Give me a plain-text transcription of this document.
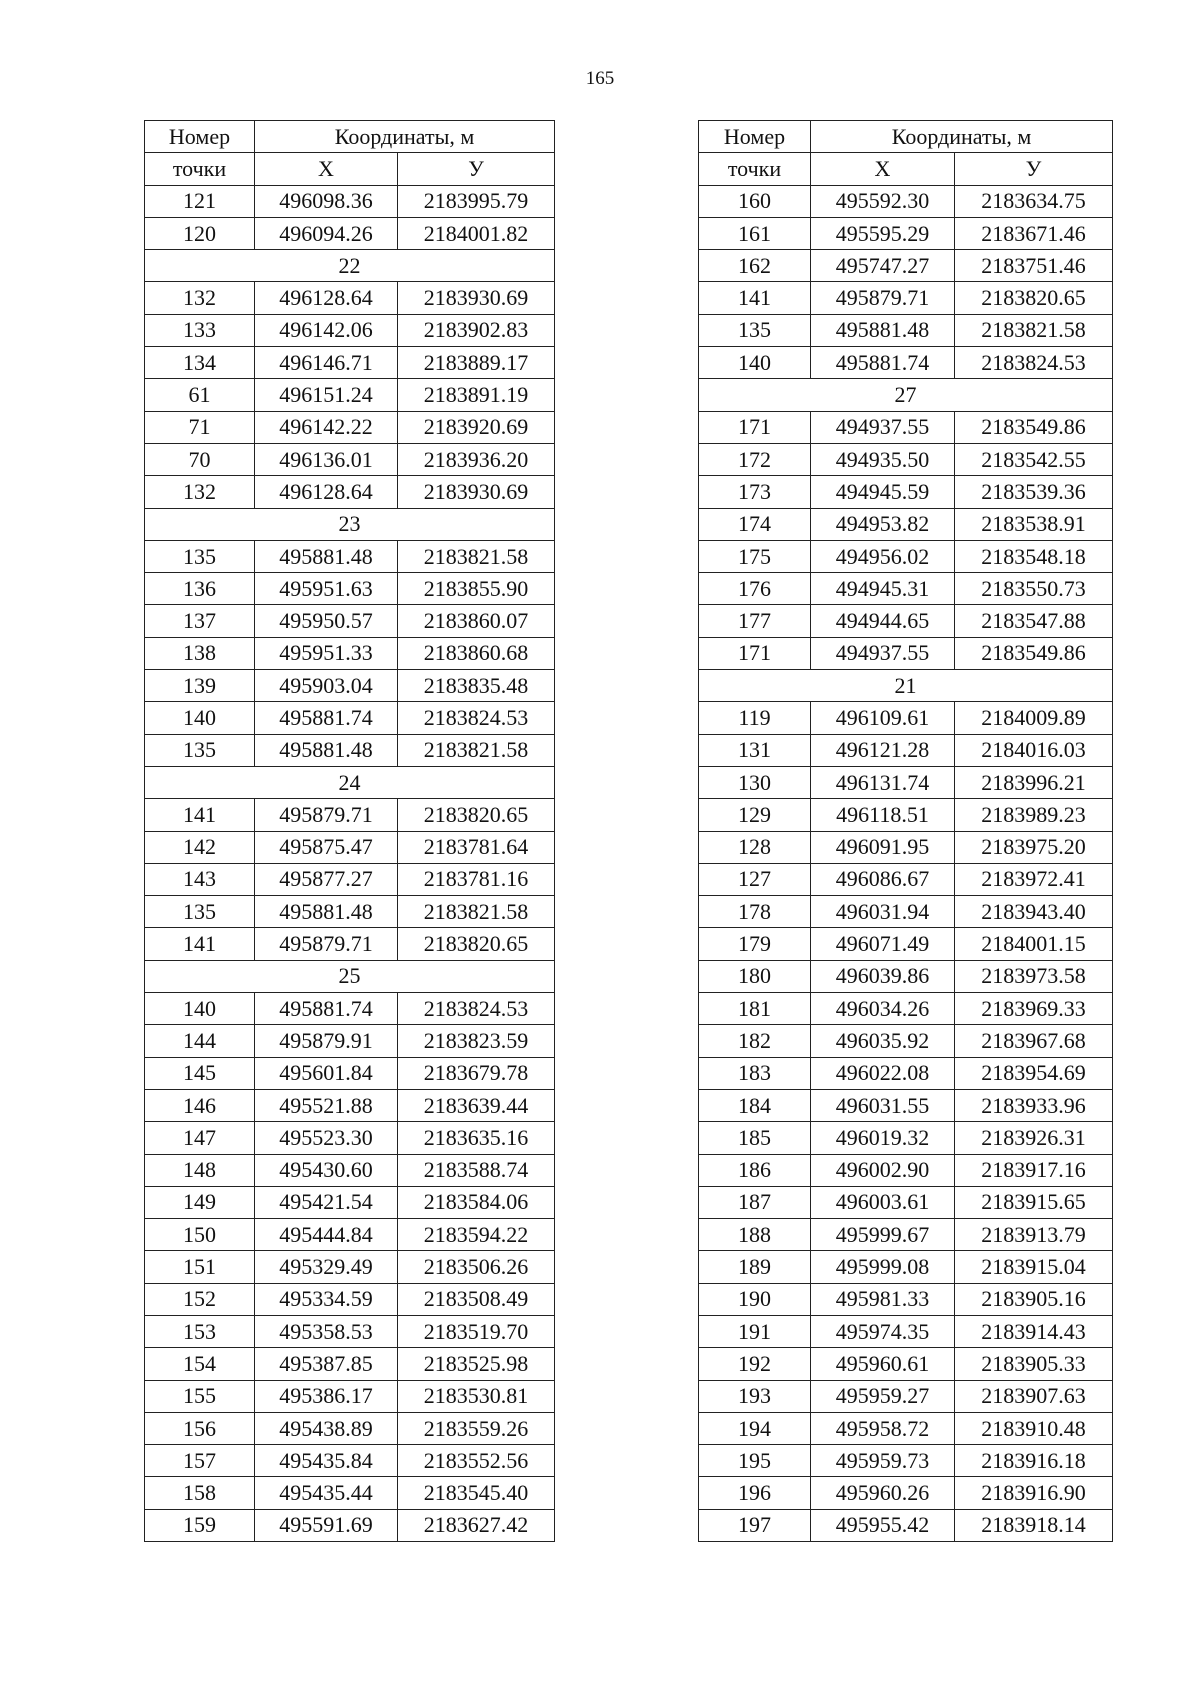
165
Номер	Координаты, м	
точки	X	У
121	496098.36	2183995.79
120	496094.26	2184001.82
22		
132	496128.64	2183930.69
133	496142.06	2183902.83
134	496146.71	2183889.17
61	496151.24	2183891.19
71	496142.22	2183920.69
70	496136.01	2183936.20
132	496128.64	2183930.69
23		
135	495881.48	2183821.58
136	495951.63	2183855.90
137	495950.57	2183860.07
138	495951.33	2183860.68
139	495903.04	2183835.48
140	495881.74	2183824.53
135	495881.48	2183821.58
24		
141	495879.71	2183820.65
142	495875.47	2183781.64
143	495877.27	2183781.16
135	495881.48	2183821.58
141	495879.71	2183820.65
25		
140	495881.74	2183824.53
144	495879.91	2183823.59
145	495601.84	2183679.78
146	495521.88	2183639.44
147	495523.30	2183635.16
148	495430.60	2183588.74
149	495421.54	2183584.06
150	495444.84	2183594.22
151	495329.49	2183506.26
152	495334.59	2183508.49
153	495358.53	2183519.70
154	495387.85	2183525.98
155	495386.17	2183530.81
156	495438.89	2183559.26
157	495435.84	2183552.56
158	495435.44	2183545.40
159	495591.69	2183627.42
Номер	Координаты, м	
точки	X	У
160	495592.30	2183634.75
161	495595.29	2183671.46
162	495747.27	2183751.46
141	495879.71	2183820.65
135	495881.48	2183821.58
140	495881.74	2183824.53
27		
171	494937.55	2183549.86
172	494935.50	2183542.55
173	494945.59	2183539.36
174	494953.82	2183538.91
175	494956.02	2183548.18
176	494945.31	2183550.73
177	494944.65	2183547.88
171	494937.55	2183549.86
21		
119	496109.61	2184009.89
131	496121.28	2184016.03
130	496131.74	2183996.21
129	496118.51	2183989.23
128	496091.95	2183975.20
127	496086.67	2183972.41
178	496031.94	2183943.40
179	496071.49	2184001.15
180	496039.86	2183973.58
181	496034.26	2183969.33
182	496035.92	2183967.68
183	496022.08	2183954.69
184	496031.55	2183933.96
185	496019.32	2183926.31
186	496002.90	2183917.16
187	496003.61	2183915.65
188	495999.67	2183913.79
189	495999.08	2183915.04
190	495981.33	2183905.16
191	495974.35	2183914.43
192	495960.61	2183905.33
193	495959.27	2183907.63
194	495958.72	2183910.48
195	495959.73	2183916.18
196	495960.26	2183916.90
197	495955.42	2183918.14
